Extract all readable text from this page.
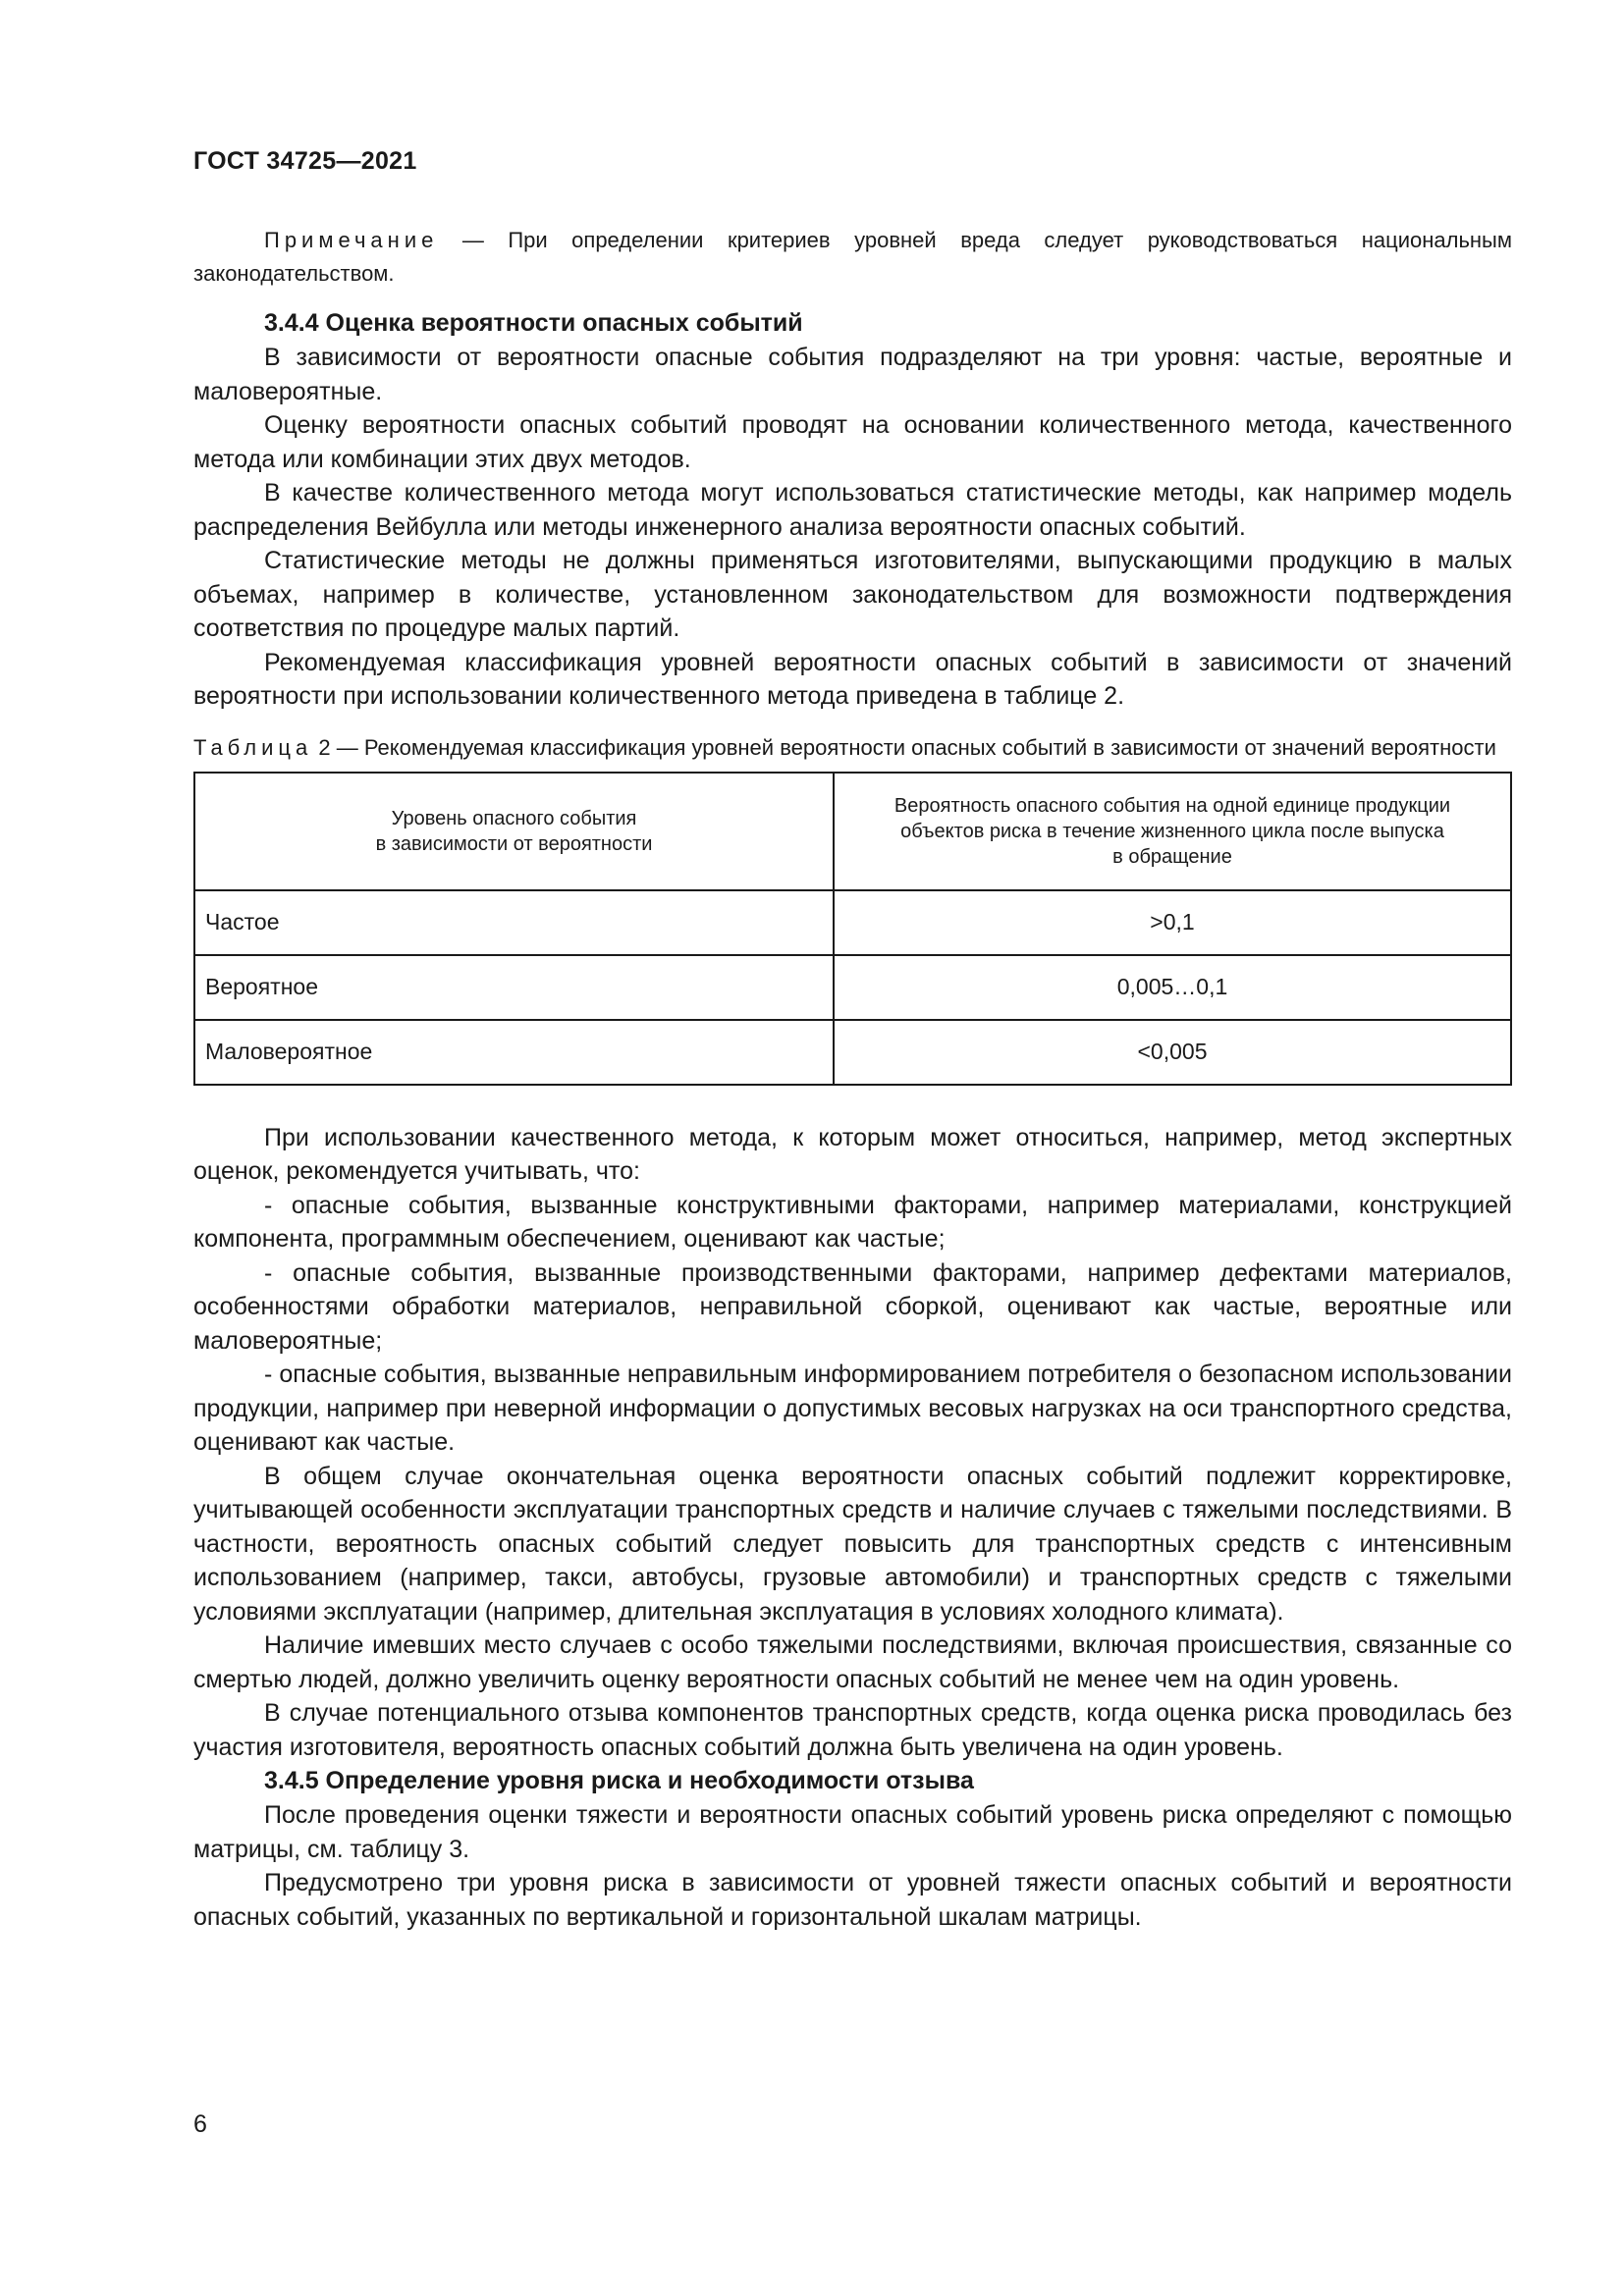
ГОСТ 34725—2021

Примечание — При определении критериев уровней вреда следует руководствоваться национальным законодательством.

3.4.4 Оценка вероятности опасных событий

В зависимости от вероятности опасные события подразделяют на три уровня: частые, вероятные и маловероятные.

Оценку вероятности опасных событий проводят на основании количественного метода, качественного метода или комбинации этих двух методов.

В качестве количественного метода могут использоваться статистические методы, как например модель распределения Вейбулла или методы инженерного анализа вероятности опасных событий.

Статистические методы не должны применяться изготовителями, выпускающими продукцию в малых объемах, например в количестве, установленном законодательством для возможности подтверждения соответствия по процедуре малых партий.

Рекомендуемая классификация уровней вероятности опасных событий в зависимости от значений вероятности при использовании количественного метода приведена в таблице 2.

Таблица 2 — Рекомендуемая классификация уровней вероятности опасных событий в зависимости от значений вероятности

Уровень опасного события
в зависимости от вероятности	Вероятность опасного события на одной единице продукции
объектов риска в течение жизненного цикла после выпуска
в обращение
Частое	>0,1
Вероятное	0,005…0,1
Маловероятное	<0,005

При использовании качественного метода, к которым может относиться, например, метод экспертных оценок, рекомендуется учитывать, что:

- опасные события, вызванные конструктивными факторами, например материалами, конструкцией компонента, программным обеспечением, оценивают как частые;

- опасные события, вызванные производственными факторами, например дефектами материалов, особенностями обработки материалов, неправильной сборкой, оценивают как частые, вероятные или маловероятные;

- опасные события, вызванные неправильным информированием потребителя о безопасном использовании продукции, например при неверной информации о допустимых весовых нагрузках на оси транспортного средства, оценивают как частые.

В общем случае окончательная оценка вероятности опасных событий подлежит корректировке, учитывающей особенности эксплуатации транспортных средств и наличие случаев с тяжелыми последствиями. В частности, вероятность опасных событий следует повысить для транспортных средств с интенсивным использованием (например, такси, автобусы, грузовые автомобили) и транспортных средств с тяжелыми условиями эксплуатации (например, длительная эксплуатация в условиях холодного климата).

Наличие имевших место случаев с особо тяжелыми последствиями, включая происшествия, связанные со смертью людей, должно увеличить оценку вероятности опасных событий не менее чем на один уровень.

В случае потенциального отзыва компонентов транспортных средств, когда оценка риска проводилась без участия изготовителя, вероятность опасных событий должна быть увеличена на один уровень.

3.4.5 Определение уровня риска и необходимости отзыва

После проведения оценки тяжести и вероятности опасных событий уровень риска определяют с помощью матрицы, см. таблицу 3.

Предусмотрено три уровня риска в зависимости от уровней тяжести опасных событий и вероятности опасных событий, указанных по вертикальной и горизонтальной шкалам матрицы.

6
